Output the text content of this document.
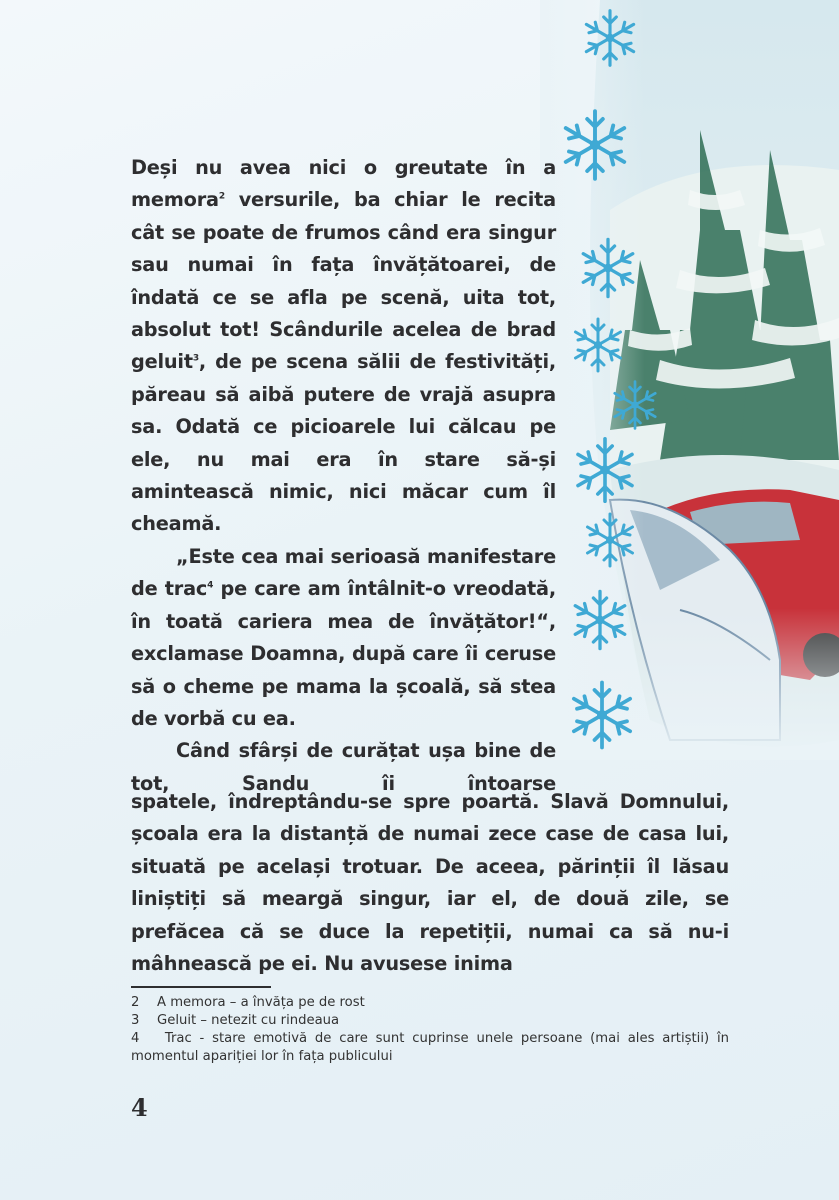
Deși nu avea nici o greutate în a memora$^2$ versurile, ba chiar le recita cât se poate de frumos când era singur sau numai în fața învățătoarei, de îndată ce se afla pe scenă, uita tot, absolut tot! Scândurile acelea de brad geluit$^3$, de pe scena sălii de festivități, păreau să aibă putere de vrajă asupra sa. Odată ce picioarele lui călcau pe ele, nu mai era în stare să-și amintească nimic, nici măcar cum îl cheamă.

„Este cea mai serioasă manifestare de trac$^4$ pe care am întâlnit-o vreodată, în toată cariera mea de învățător!“, exclamase Doamna, după care îi ceruse să o cheme pe mama la școală, să stea de vorbă cu ea.

Când sfârși de curățat ușa bine de tot, Sandu îi întoarse

spatele, îndreptându-se spre poartă. Slavă Domnului, școala era la distanță de numai zece case de casa lui, situată pe același trotuar. De aceea, părinții îl lăsau liniștiți să meargă singur, iar el, de două zile, se prefăcea că se duce la repetiții, numai ca să nu-i mâhnească pe ei. Nu avusese inima

2 A memora – a învăța pe de rost
3 Geluit – netezit cu rindeaua
4 Trac - stare emotivă de care sunt cuprinse unele persoane (mai ales artiștii) în momentul apariției lor în fața publicului
4
